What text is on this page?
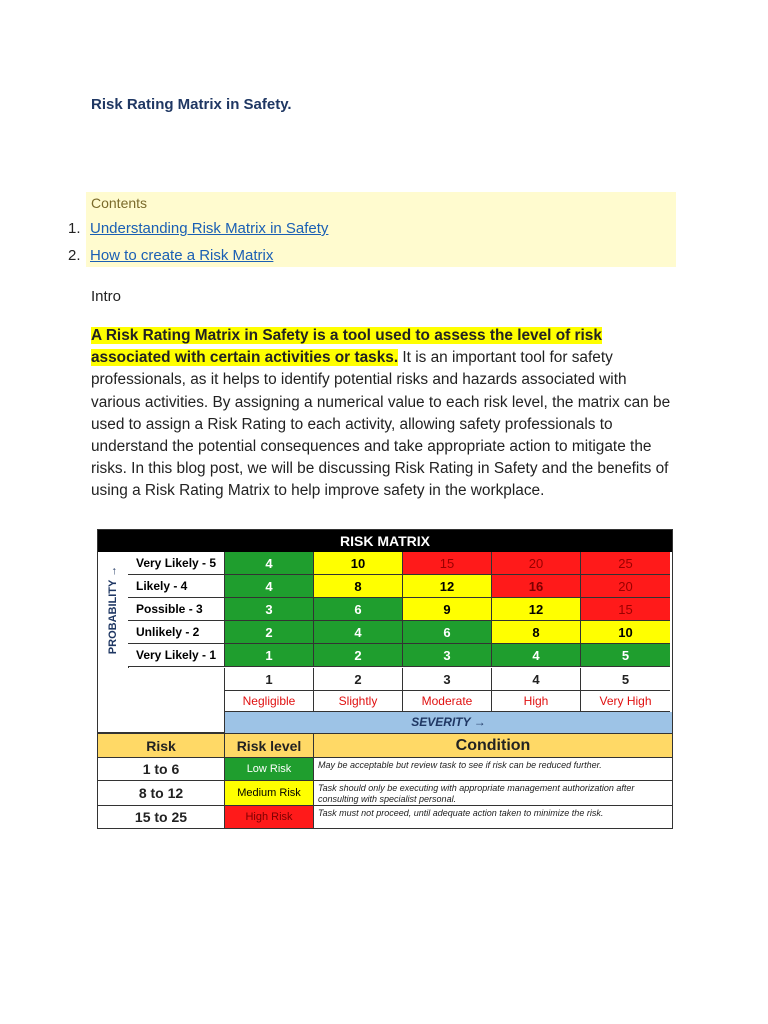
Risk Rating Matrix in Safety.
Contents
1. Understanding Risk Matrix in Safety
2. How to create a Risk Matrix
Intro
A Risk Rating Matrix in Safety is a tool used to assess the level of risk associated with certain activities or tasks. It is an important tool for safety professionals, as it helps to identify potential risks and hazards associated with various activities. By assigning a numerical value to each risk level, the matrix can be used to assign a Risk Rating to each activity, allowing safety professionals to understand the potential consequences and take appropriate action to mitigate the risks. In this blog post, we will be discussing Risk Rating in Safety and the benefits of using a Risk Rating Matrix to help improve safety in the workplace.
RISK MATRIX
PROBABILITY →
Very Likely - 5	4	10	15	20	25
Likely - 4	4	8	12	16	20
Possible - 3	3	6	9	12	15
Unlikely - 2	2	4	6	8	10
Very Likely - 1	1	2	3	4	5
1	2	3	4	5
Negligible	Slightly	Moderate	High	Very High
SEVERITY →
Risk	Risk level	Condition
1 to 6	Low Risk	May be acceptable but review task to see if risk can be reduced further.
8 to 12	Medium Risk	Task should only be executing with appropriate management authorization after consulting with specialist personal.
15 to 25	High Risk	Task must not proceed, until adequate action taken to minimize the risk.
